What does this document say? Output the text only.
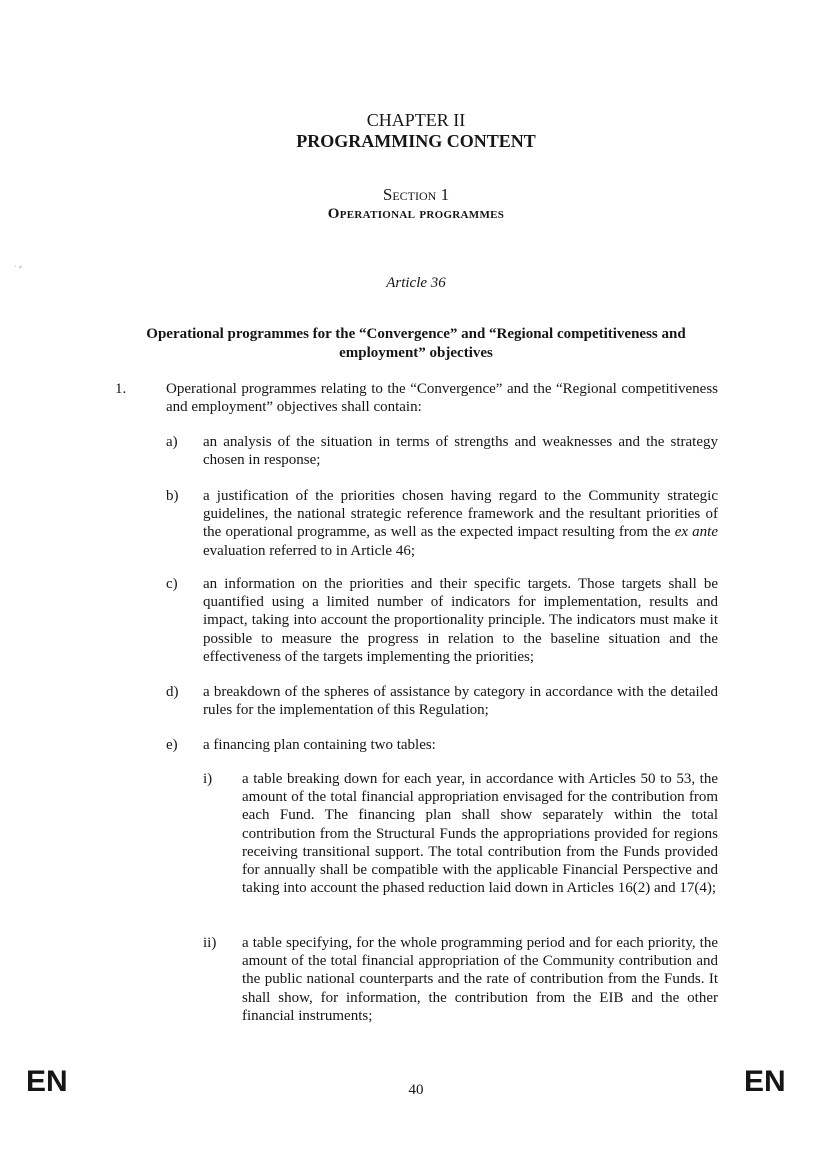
· ⸗
CHAPTER II
PROGRAMMING CONTENT
Section 1
Operational programmes
Article 36
Operational programmes for the “Convergence” and “Regional competitiveness and employment” objectives
1.	Operational programmes relating to the “Convergence” and the “Regional competitiveness and employment” objectives shall contain:
a) an analysis of the situation in terms of strengths and weaknesses and the strategy chosen in response;
b) a justification of the priorities chosen having regard to the Community strategic guidelines, the national strategic reference framework and the resultant priorities of the operational programme, as well as the expected impact resulting from the ex ante evaluation referred to in Article 46;
c) an information on the priorities and their specific targets. Those targets shall be quantified using a limited number of indicators for implementation, results and impact, taking into account the proportionality principle. The indicators must make it possible to measure the progress in relation to the baseline situation and the effectiveness of the targets implementing the priorities;
d) a breakdown of the spheres of assistance by category in accordance with the detailed rules for the implementation of this Regulation;
e) a financing plan containing two tables:
i) a table breaking down for each year, in accordance with Articles 50 to 53, the amount of the total financial appropriation envisaged for the contribution from each Fund. The financing plan shall show separately within the total contribution from the Structural Funds the appropriations provided for regions receiving transitional support. The total contribution from the Funds provided for annually shall be compatible with the applicable Financial Perspective and taking into account the phased reduction laid down in Articles 16(2) and 17(4);
ii) a table specifying, for the whole programming period and for each priority, the amount of the total financial appropriation of the Community contribution and the public national counterparts and the rate of contribution from the Funds. It shall show, for information, the contribution from the EIB and the other financial instruments;
EN	40	EN
